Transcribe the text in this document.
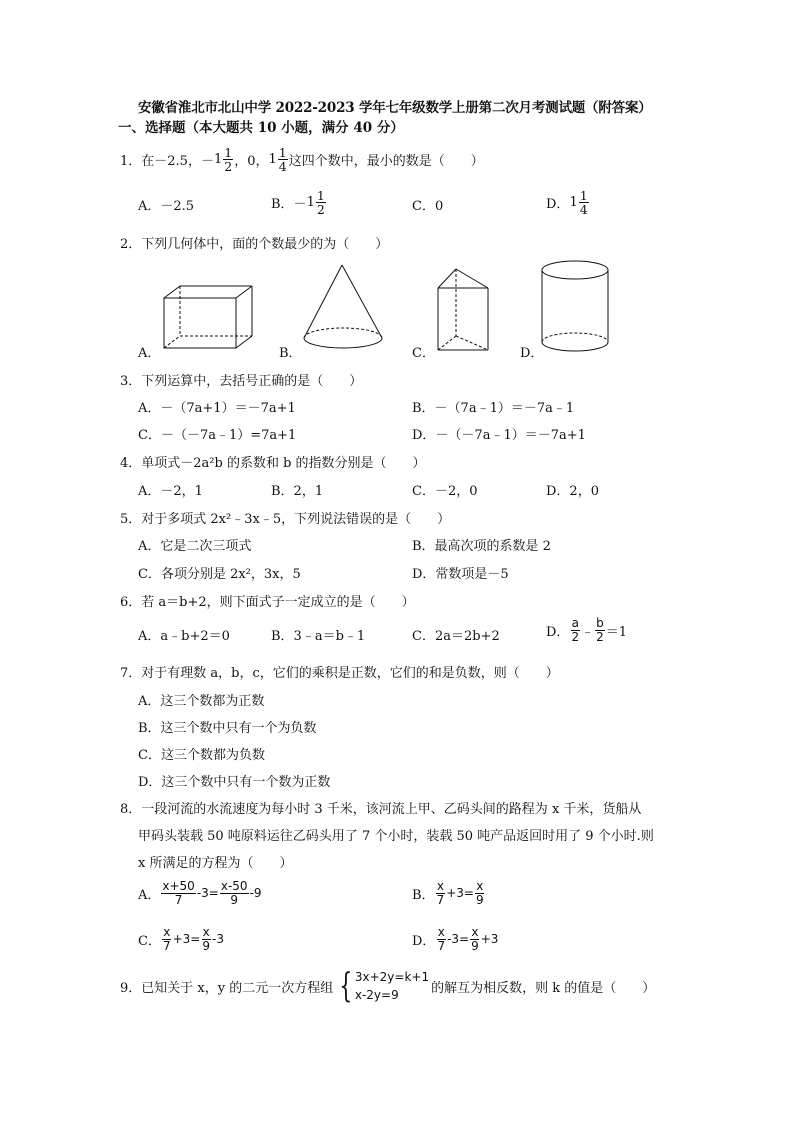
安徽省淮北市北山中学 2022-2023 学年七年级数学上册第二次月考测试题（附答案）
一、选择题（本大题共 10 小题，满分 40 分）
1．在－2.5，－ $1 \frac{1}{2}$ ，0， $1 \frac{1}{4}$ 这四个数中，最小的数是（　　）
A．－2.5	B．－ $1 \frac{1}{2}$	C．0	D． $1 \frac{1}{4}$
2．下列几何体中，面的个数最少的为（　　）
A．	B．	C．	D．
3．下列运算中，去括号正确的是（　　）
A．－（7a+1）＝－7a+1	B．－（7a﹣1）＝－7a﹣1
C．－（－7a﹣1）=7a+1	D．－（－7a﹣1）＝－7a+1
4．单项式－2a²b 的系数和 b 的指数分别是（　　）
A．－2，1	B．2，1	C．－2，0	D．2，0
5．对于多项式 2x²﹣3x﹣5，下列说法错误的是（　　）
A．它是二次三项式	B．最高次项的系数是 2
C．各项分别是 2x²，3x，5	D．常数项是－5
6．若 a＝b+2，则下面式子一定成立的是（　　）
A．a﹣b+2＝0	B．3﹣a＝b﹣1	C．2a＝2b+2	D． $\frac{a}{2}$ ﹣ $\frac{b}{2} =1$
7．对于有理数 a，b，c，它们的乘积是正数，它们的和是负数，则（　　）
A．这三个数都为正数
B．这三个数中只有一个为负数
C．这三个数都为负数
D．这三个数中只有一个数为正数
8．一段河流的水流速度为每小时 3 千米，该河流上甲、乙码头间的路程为 x 千米，货船从
甲码头装载 50 吨原料运往乙码头用了 7 个小时，装载 50 吨产品返回时用了 9 个小时.则
x 所满足的方程为（　　）
A． $\frac{x+50}{7} -3= \frac{x-50}{9} -9$	B． $\frac{x}{7} +3= \frac{x}{9}$
C． $\frac{x}{7} +3= \frac{x}{9} -3$	D． $\frac{x}{7} -3= \frac{x}{9} +3$
9．已知关于 x，y 的二元一次方程组 { 3x+2y=k+1
x-2y=9	的解互为相反数，则 k 的值是（　　）
